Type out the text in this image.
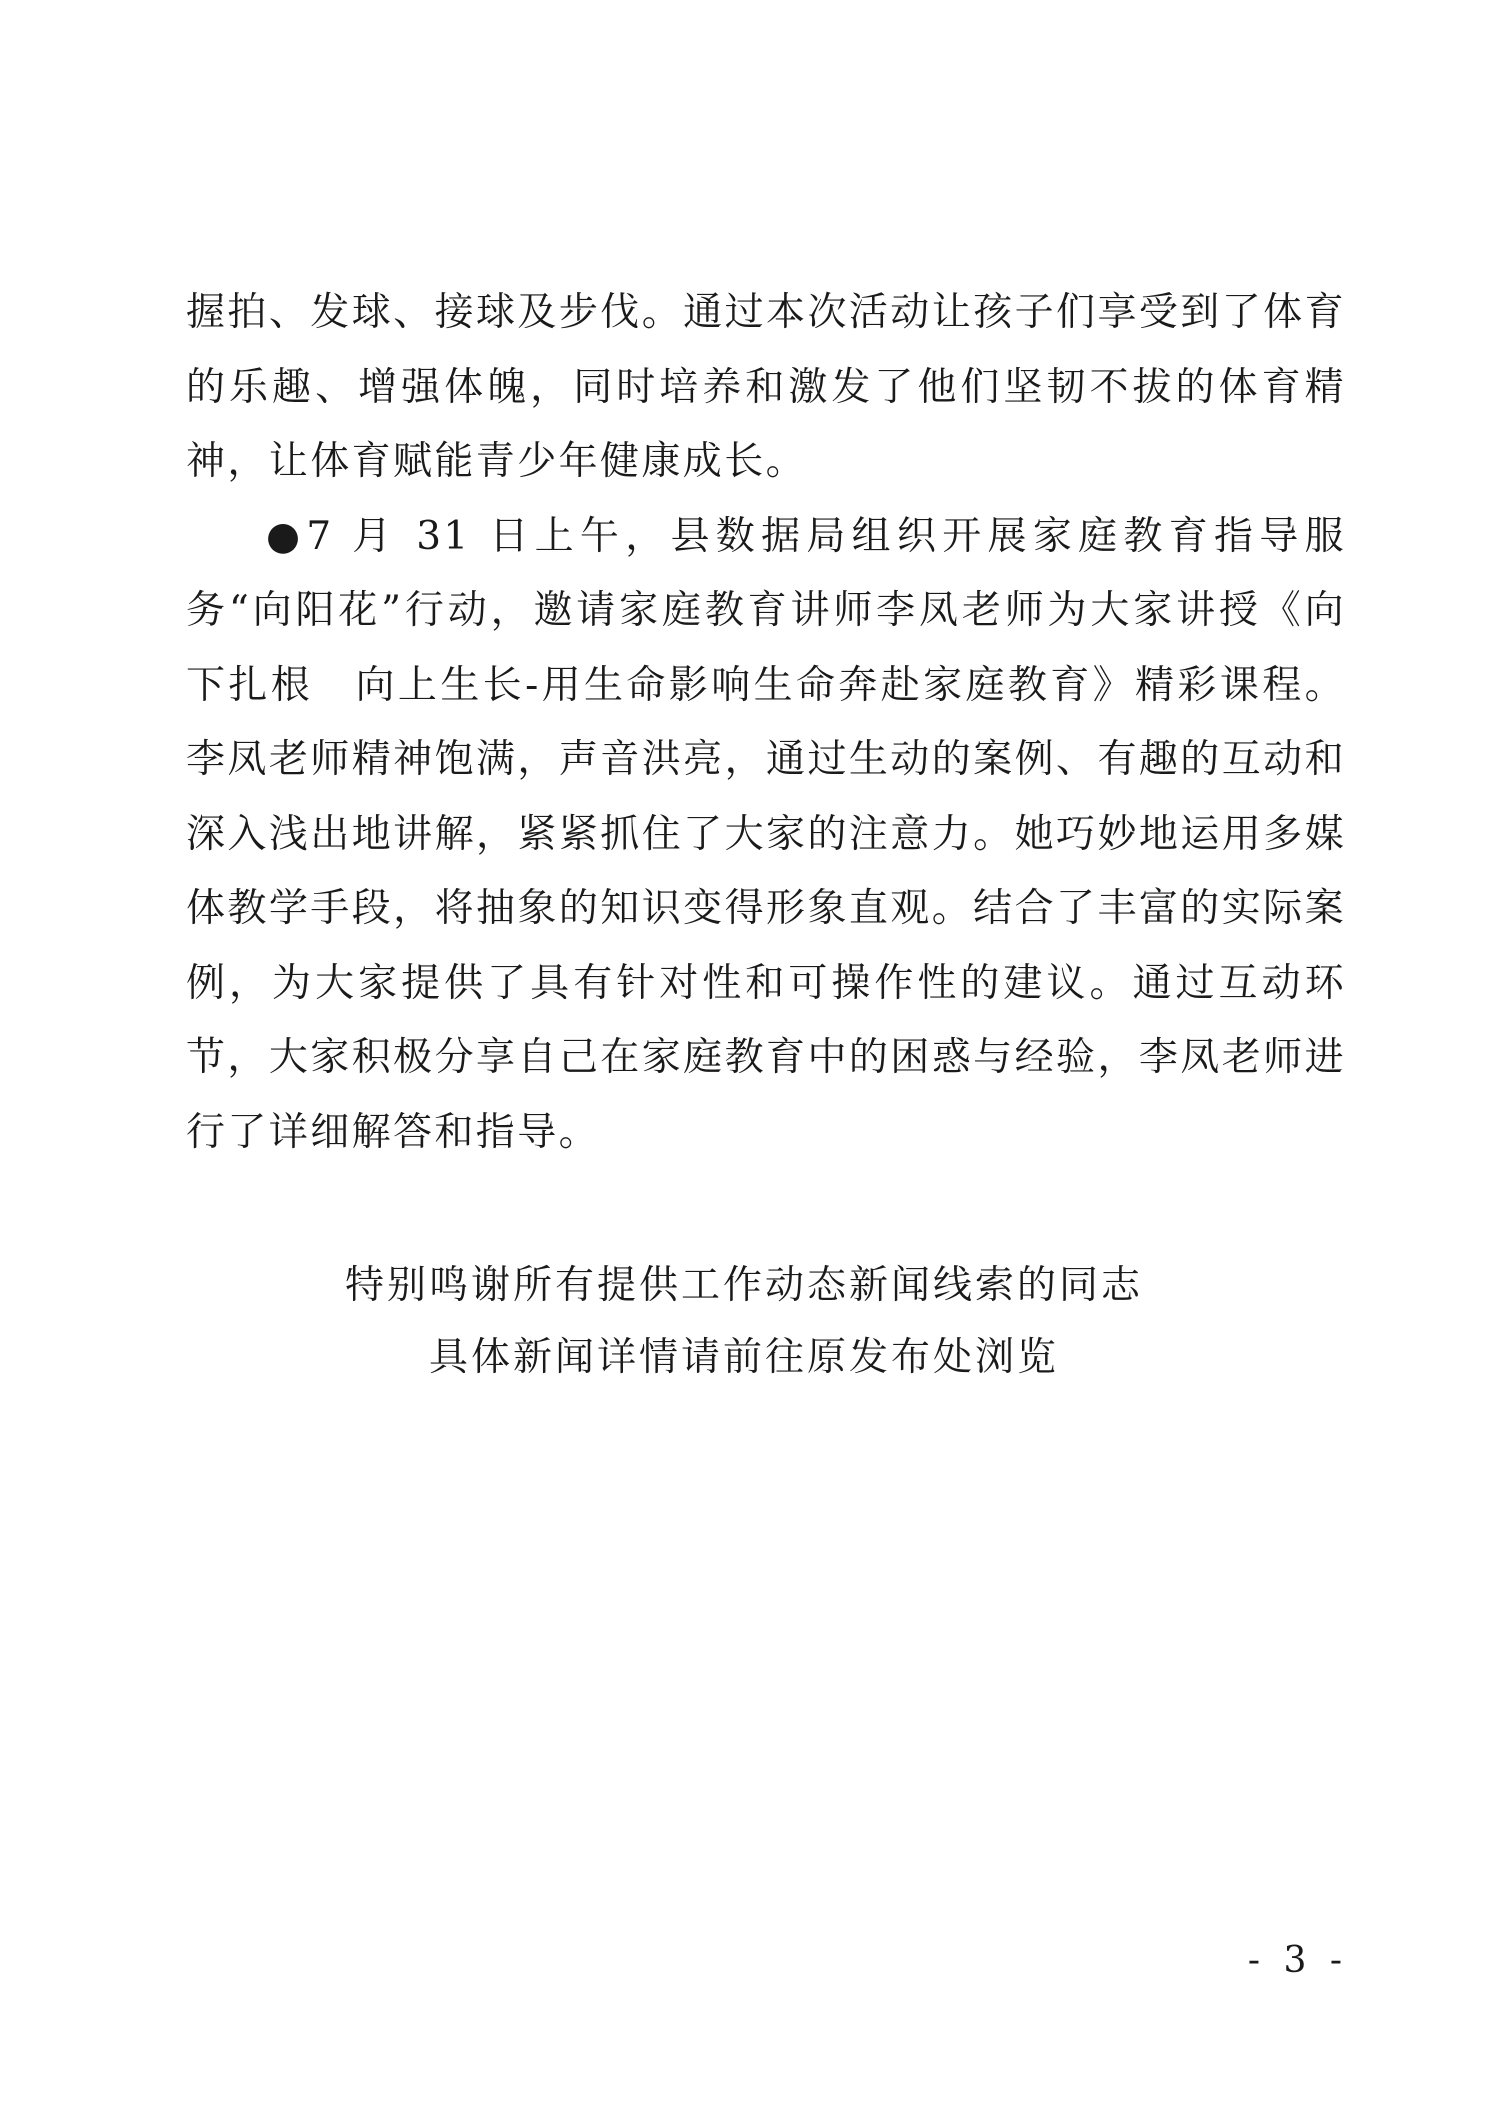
握拍、发球、接球及步伐。通过本次活动让孩子们享受到了体育的乐趣、增强体魄，同时培养和激发了他们坚韧不拔的体育精神，让体育赋能青少年健康成长。

●7 月 31 日上午，县数据局组织开展家庭教育指导服务“向阳花”行动，邀请家庭教育讲师李凤老师为大家讲授《向下扎根　向上生长-用生命影响生命奔赴家庭教育》精彩课程。李凤老师精神饱满，声音洪亮，通过生动的案例、有趣的互动和深入浅出地讲解，紧紧抓住了大家的注意力。她巧妙地运用多媒体教学手段，将抽象的知识变得形象直观。结合了丰富的实际案例，为大家提供了具有针对性和可操作性的建议。通过互动环节，大家积极分享自己在家庭教育中的困惑与经验，李凤老师进行了详细解答和指导。

特别鸣谢所有提供工作动态新闻线索的同志
具体新闻详情请前往原发布处浏览
- 3 -
